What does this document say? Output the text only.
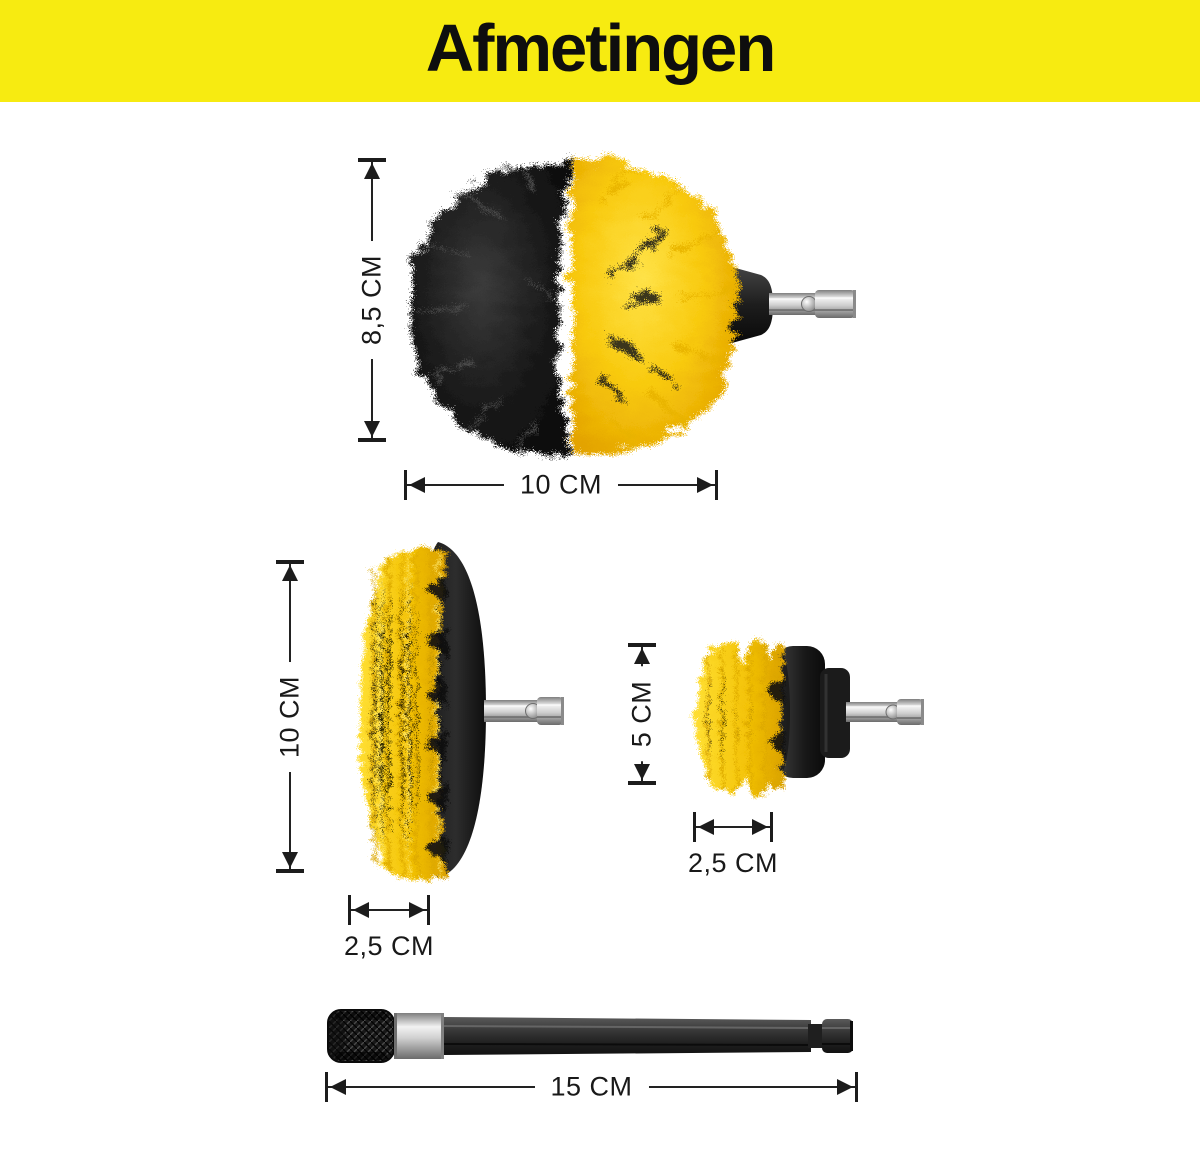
Afmetingen
8,5 CM
10 CM
10 CM
2,5 CM
5 CM
2,5 CM
15 CM
